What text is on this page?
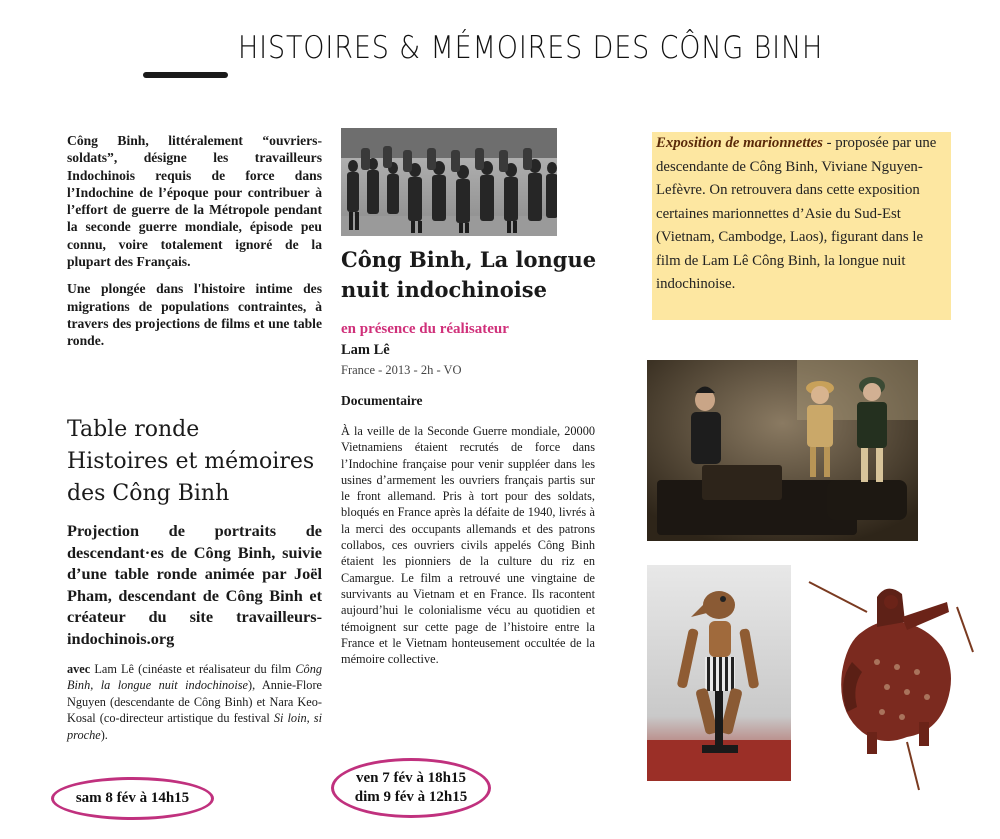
HISTOIRES & MÉMOIRES DES CÔNG BINH

Công Binh, littéralement “ouvriers-soldats”, désigne les travailleurs Indochinois requis de force dans l’Indochine de l’époque pour contribuer à l’effort de guerre de la Métropole pendant la seconde guerre mondiale, épisode peu connu, voire totalement ignoré de la plupart des Français.

Une plongée dans l'histoire intime des migrations de populations contraintes, à travers des projections de films et une table ronde.

Table ronde
Histoires et mémoires
des Công Binh
Projection de portraits de descendant·es de Công Binh, suivie d’une table ronde animée par Joël Pham, descendant de Công Binh et créateur du site travailleurs-indochinois.org
avec Lam Lê (cinéaste et réalisateur du film Công Binh, la longue nuit indochinoise), Annie-Flore Nguyen (descendante de Công Binh) et Nara Keo-Kosal (co-directeur artistique du festival Si loin, si proche).
sam 8 fév à 14h15
Công Binh, La longue nuit indochinoise
en présence du réalisateur
Lam Lê
France - 2013 - 2h - VO
Documentaire
À la veille de la Seconde Guerre mondiale, 20000 Vietnamiens étaient recrutés de force dans l’Indochine française pour venir suppléer dans les usines d’armement les ouvriers français partis sur le front allemand. Pris à tort pour des soldats, bloqués en France après la défaite de 1940, livrés à la merci des occupants allemands et des patrons collabos, ces ouvriers civils appelés Công Binh étaient les pionniers de la culture du riz en Camargue. Le film a retrouvé une vingtaine de survivants au Vietnam et en France. Ils racontent aujourd’hui le colonialisme vécu au quotidien et témoignent sur cette page de l’histoire entre la France et le Vietnam honteusement occultée de la mémoire collective.
ven 7 fév à 18h15
dim 9 fév à 12h15
Exposition de marionnettes - proposée par une descendante de Công Binh, Viviane Nguyen-Lefèvre. On retrouvera dans cette exposition certaines marionnettes d’Asie du Sud-Est (Vietnam, Cambodge, Laos), figurant dans le film de Lam Lê Công Binh, la longue nuit indochinoise.
